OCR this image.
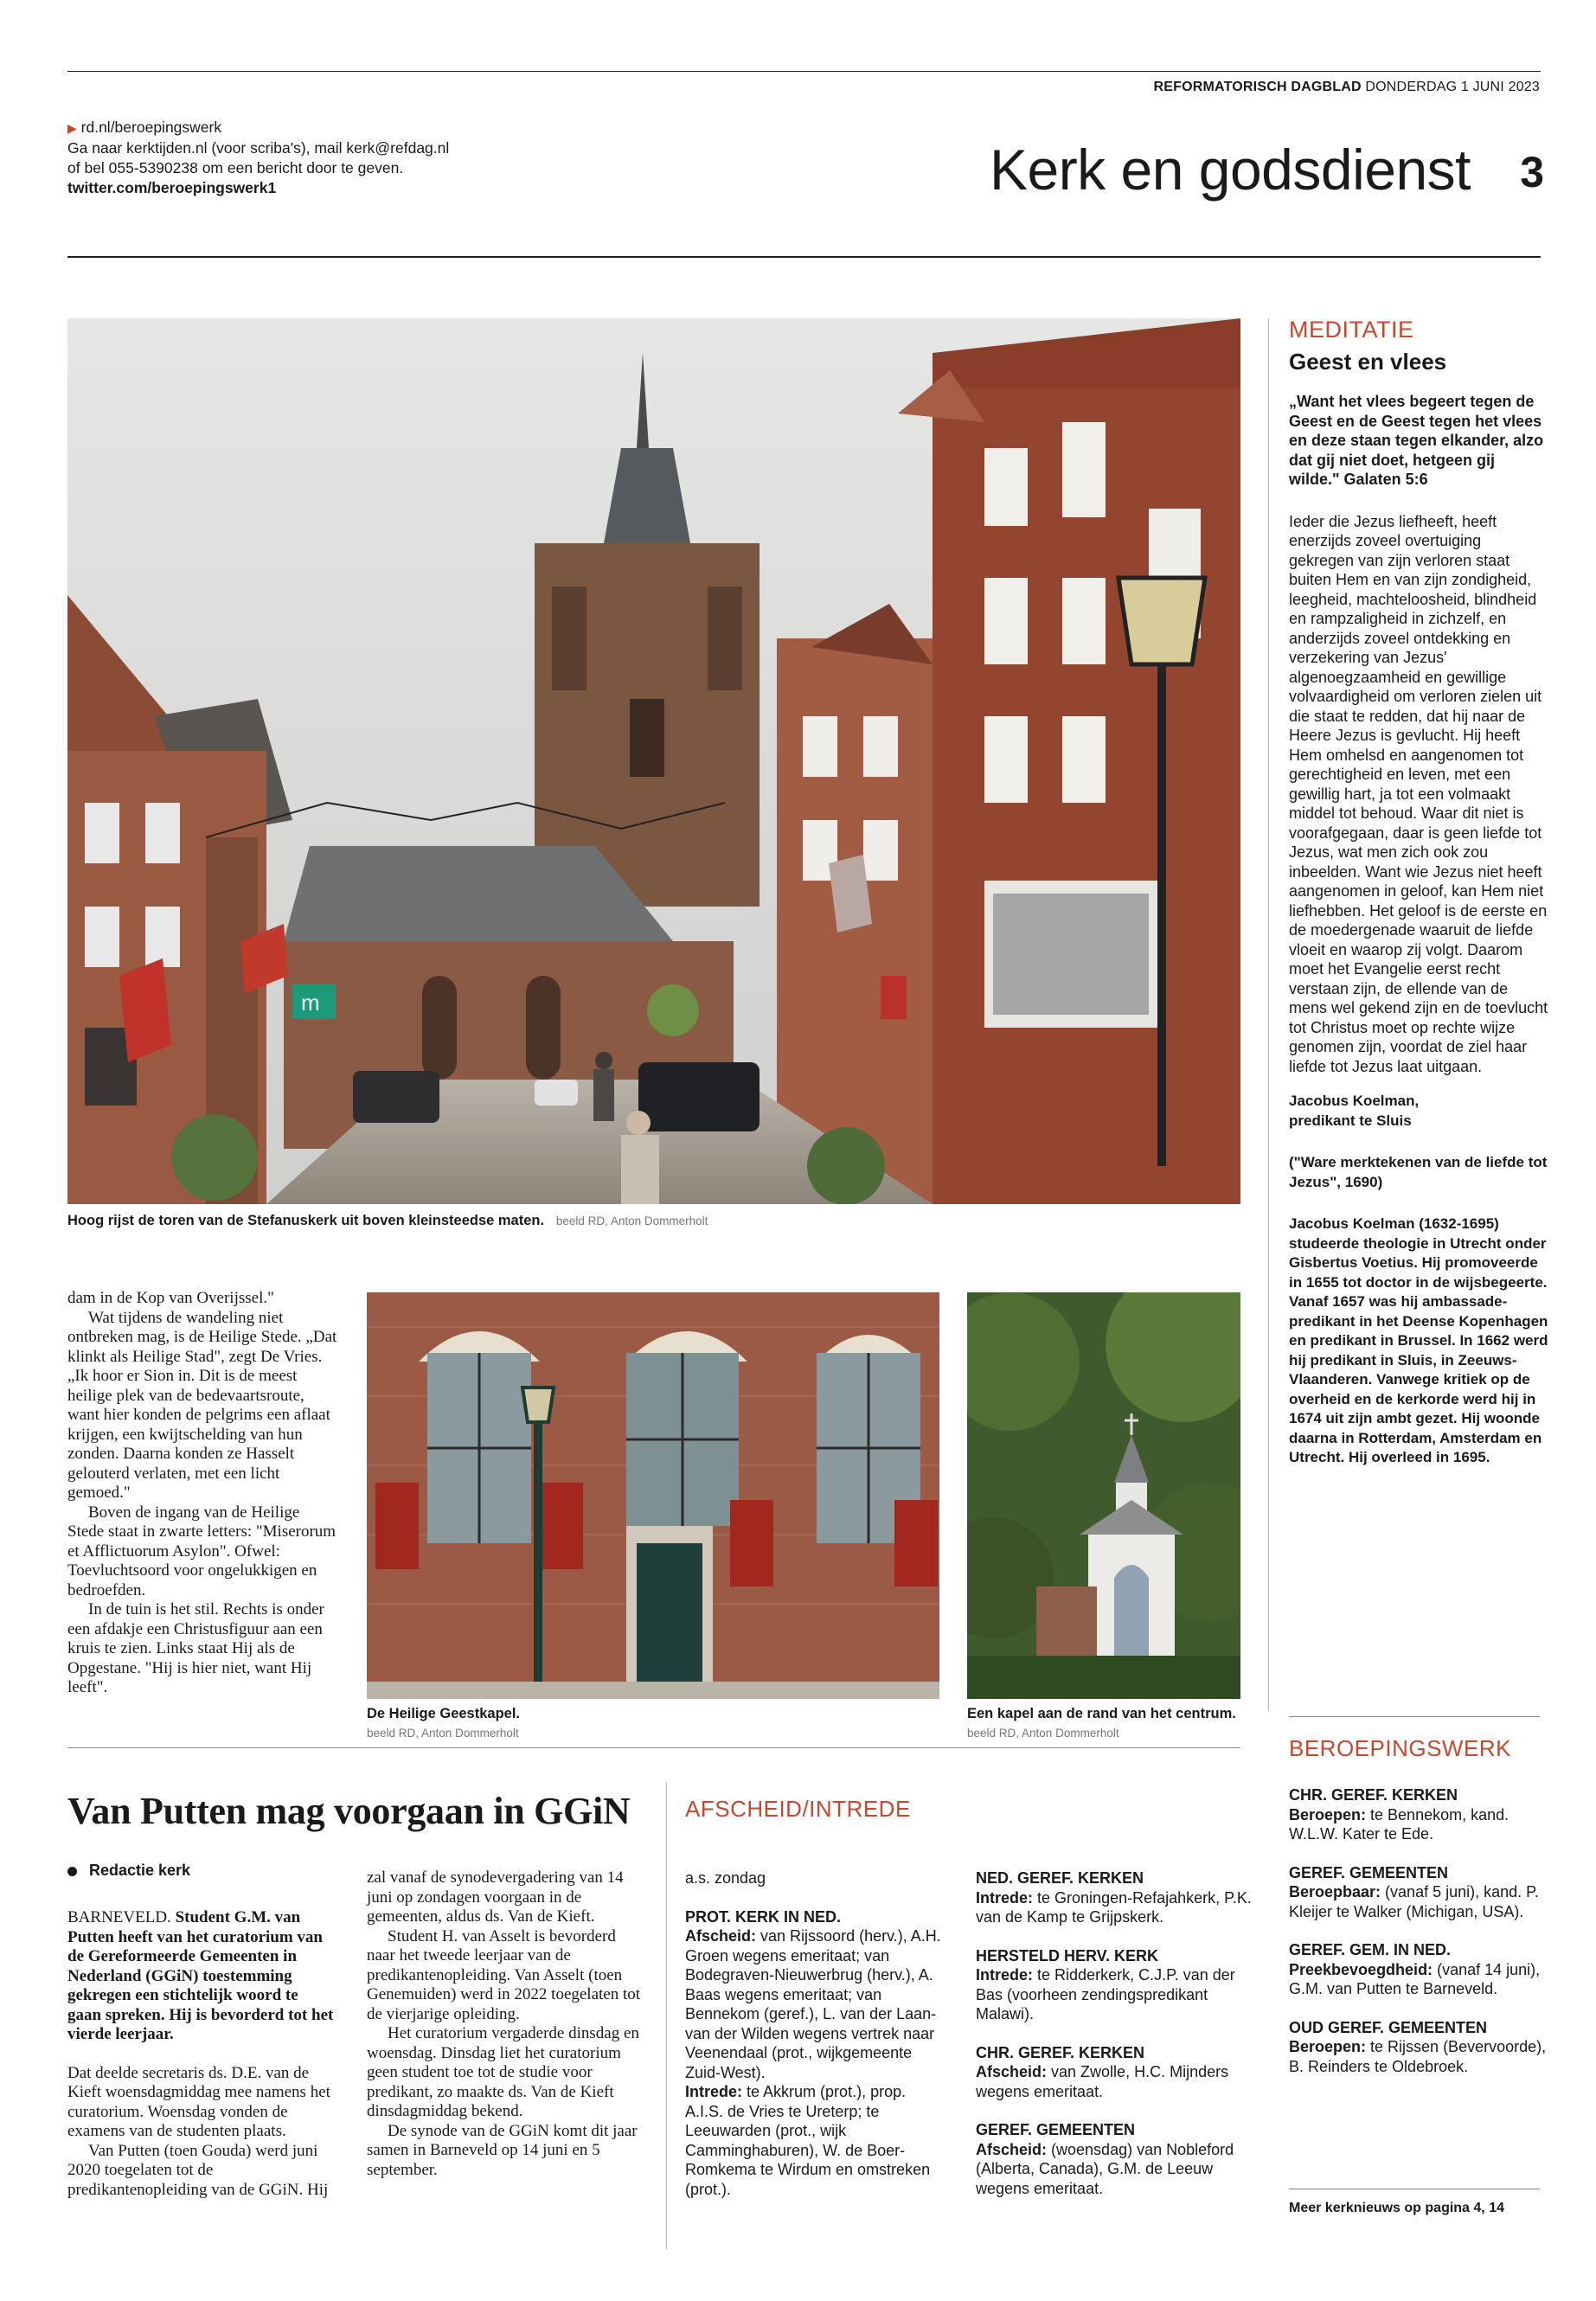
REFORMATORISCH DAGBLAD DONDERDAG 1 JUNI 2023
▶ rd.nl/beroepingswerk
Ga naar kerktijden.nl (voor scriba's), mail kerk@refdag.nl
of bel 055-5390238 om een bericht door te geven.
twitter.com/beroepingswerk1	Kerk en godsdienst	3
m
Hoog rijst de toren van de Stefanuskerk uit boven kleinsteedse maten. beeld RD, Anton Dommerholt
MEDITATIE
Geest en vlees
„Want het vlees begeert tegen de Geest en de Geest tegen het vlees en deze staan tegen elkander, alzo dat gij niet doet, hetgeen gij wilde." Galaten 5:6
Ieder die Jezus liefheeft, heeft enerzijds zoveel overtuiging gekregen van zijn verloren staat buiten Hem en van zijn zondigheid, leegheid, machteloosheid, blindheid en rampzaligheid in zichzelf, en anderzijds zoveel ontdekking en verzekering van Jezus' algenoegzaamheid en gewillige volvaardigheid om verloren zielen uit die staat te redden, dat hij naar de Heere Jezus is gevlucht. Hij heeft Hem omhelsd en aangenomen tot gerechtigheid en leven, met een gewillig hart, ja tot een volmaakt middel tot behoud. Waar dit niet is voorafgegaan, daar is geen liefde tot Jezus, wat men zich ook zou inbeelden. Want wie Jezus niet heeft aangenomen in geloof, kan Hem niet liefhebben. Het geloof is de eerste en de moedergenade waaruit de liefde vloeit en waarop zij volgt. Daarom moet het Evangelie eerst recht verstaan zijn, de ellende van de mens wel gekend zijn en de toevlucht tot Christus moet op rechte wijze genomen zijn, voordat de ziel haar liefde tot Jezus laat uitgaan.
Jacobus Koelman,
predikant te Sluis
("Ware merktekenen van de liefde tot Jezus", 1690)
Jacobus Koelman (1632-1695) studeerde theologie in Utrecht onder Gisbertus Voetius. Hij promoveerde in 1655 tot doctor in de wijsbegeerte. Vanaf 1657 was hij ambassade-predikant in het Deense Kopenhagen en predikant in Brussel. In 1662 werd hij predikant in Sluis, in Zeeuws-Vlaanderen. Vanwege kritiek op de overheid en de kerkorde werd hij in 1674 uit zijn ambt gezet. Hij woonde daarna in Rotterdam, Amsterdam en Utrecht. Hij overleed in 1695.

dam in de Kop van Overijssel."

Wat tijdens de wandeling niet ontbreken mag, is de Heilige Stede. „Dat klinkt als Heilige Stad", zegt De Vries. „Ik hoor er Sion in. Dit is de meest heilige plek van de bedevaartsroute, want hier konden de pelgrims een aflaat krijgen, een kwijtschelding van hun zonden. Daarna konden ze Hasselt gelouterd verlaten, met een licht gemoed."

Boven de ingang van de Heilige Stede staat in zwarte letters: "Miserorum et Afflictuorum Asylon". Ofwel: Toevluchtsoord voor ongelukkigen en bedroefden.

In de tuin is het stil. Rechts is onder een afdakje een Christusfiguur aan een kruis te zien. Links staat Hij als de Opgestane. "Hij is hier niet, want Hij leeft".

De Heilige Geestkapel.
beeld RD, Anton Dommerholt
Een kapel aan de rand van het centrum. beeld RD, Anton Dommerholt
Van Putten mag voorgaan in GGiN
Redactie kerk

BARNEVELD. Student G.M. van Putten heeft van het curatorium van de Gereformeerde Gemeenten in Nederland (GGiN) toestemming gekregen een stichtelijk woord te gaan spreken. Hij is bevorderd tot het vierde leerjaar.

Dat deelde secretaris ds. D.E. van de Kieft woensdagmiddag mee namens het curatorium. Woensdag vonden de examens van de studenten plaats.

Van Putten (toen Gouda) werd juni 2020 toegelaten tot de predikantenopleiding van de GGiN. Hij

zal vanaf de synodevergadering van 14 juni op zondagen voorgaan in de gemeenten, aldus ds. Van de Kieft.

Student H. van Asselt is bevorderd naar het tweede leerjaar van de predikantenopleiding. Van Asselt (toen Genemuiden) werd in 2022 toegelaten tot de vierjarige opleiding.

Het curatorium vergaderde dinsdag en woensdag. Dinsdag liet het curatorium geen student toe tot de studie voor predikant, zo maakte ds. Van de Kieft dinsdagmiddag bekend.

De synode van de GGiN komt dit jaar samen in Barneveld op 14 juni en 5 september.

AFSCHEID/INTREDE
a.s. zondag
PROT. KERK IN NED.
Afscheid: van Rijssoord (herv.), A.H. Groen wegens emeritaat; van Bodegraven-Nieuwerbrug (herv.), A. Baas wegens emeritaat; van Bennekom (geref.), L. van der Laan-van der Wilden wegens vertrek naar Veenendaal (prot., wijkgemeente Zuid-West).
Intrede: te Akkrum (prot.), prop. A.I.S. de Vries te Ureterp; te Leeuwarden (prot., wijk Camminghaburen), W. de Boer-Romkema te Wirdum en omstreken (prot.).
NED. GEREF. KERKEN
Intrede: te Groningen-Refajahkerk, P.K. van de Kamp te Grijpskerk.
HERSTELD HERV. KERK
Intrede: te Ridderkerk, C.J.P. van der Bas (voorheen zendingspredikant Malawi).
CHR. GEREF. KERKEN
Afscheid: van Zwolle, H.C. Mijnders wegens emeritaat.
GEREF. GEMEENTEN
Afscheid: (woensdag) van Nobleford (Alberta, Canada), G.M. de Leeuw wegens emeritaat.
BEROEPINGSWERK
CHR. GEREF. KERKEN
Beroepen: te Bennekom, kand. W.L.W. Kater te Ede.
GEREF. GEMEENTEN
Beroepbaar: (vanaf 5 juni), kand. P. Kleijer te Walker (Michigan, USA).
GEREF. GEM. IN NED.
Preekbevoegdheid: (vanaf 14 juni), G.M. van Putten te Barneveld.
OUD GEREF. GEMEENTEN
Beroepen: te Rijssen (Bevervoorde), B. Reinders te Oldebroek.
Meer kerknieuws op pagina 4, 14
